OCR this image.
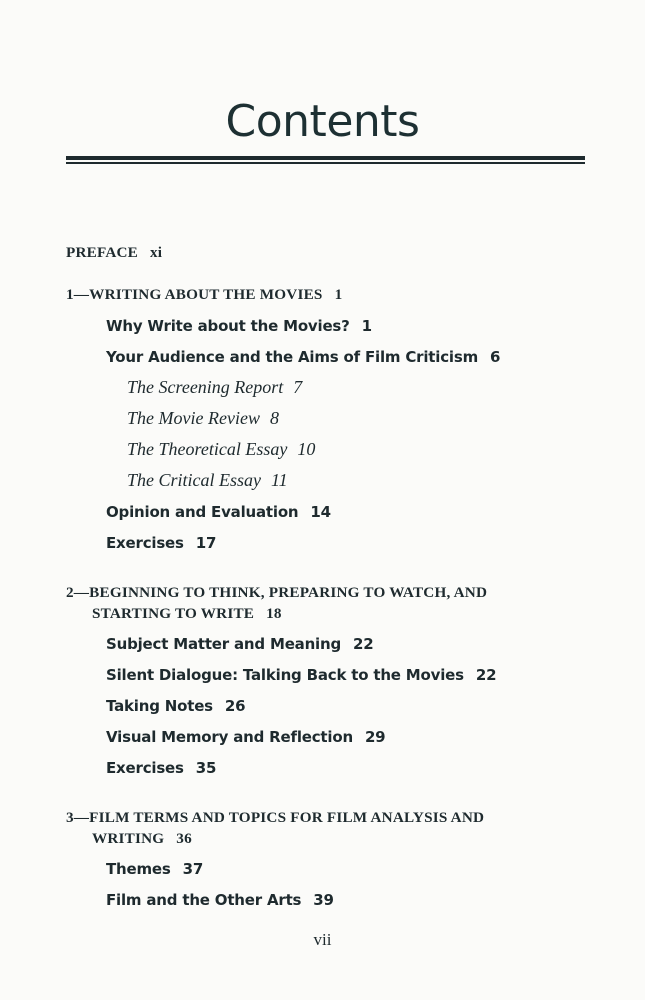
Contents
PREFACE xi
1—WRITING ABOUT THE MOVIES 1
Why Write about the Movies? 1
Your Audience and the Aims of Film Criticism 6
The Screening Report 7
The Movie Review 8
The Theoretical Essay 10
The Critical Essay 11
Opinion and Evaluation 14
Exercises 17
2—BEGINNING TO THINK, PREPARING TO WATCH, AND
STARTING TO WRITE 18
Subject Matter and Meaning 22
Silent Dialogue: Talking Back to the Movies 22
Taking Notes 26
Visual Memory and Reflection 29
Exercises 35
3—FILM TERMS AND TOPICS FOR FILM ANALYSIS AND
WRITING 36
Themes 37
Film and the Other Arts 39
vii
